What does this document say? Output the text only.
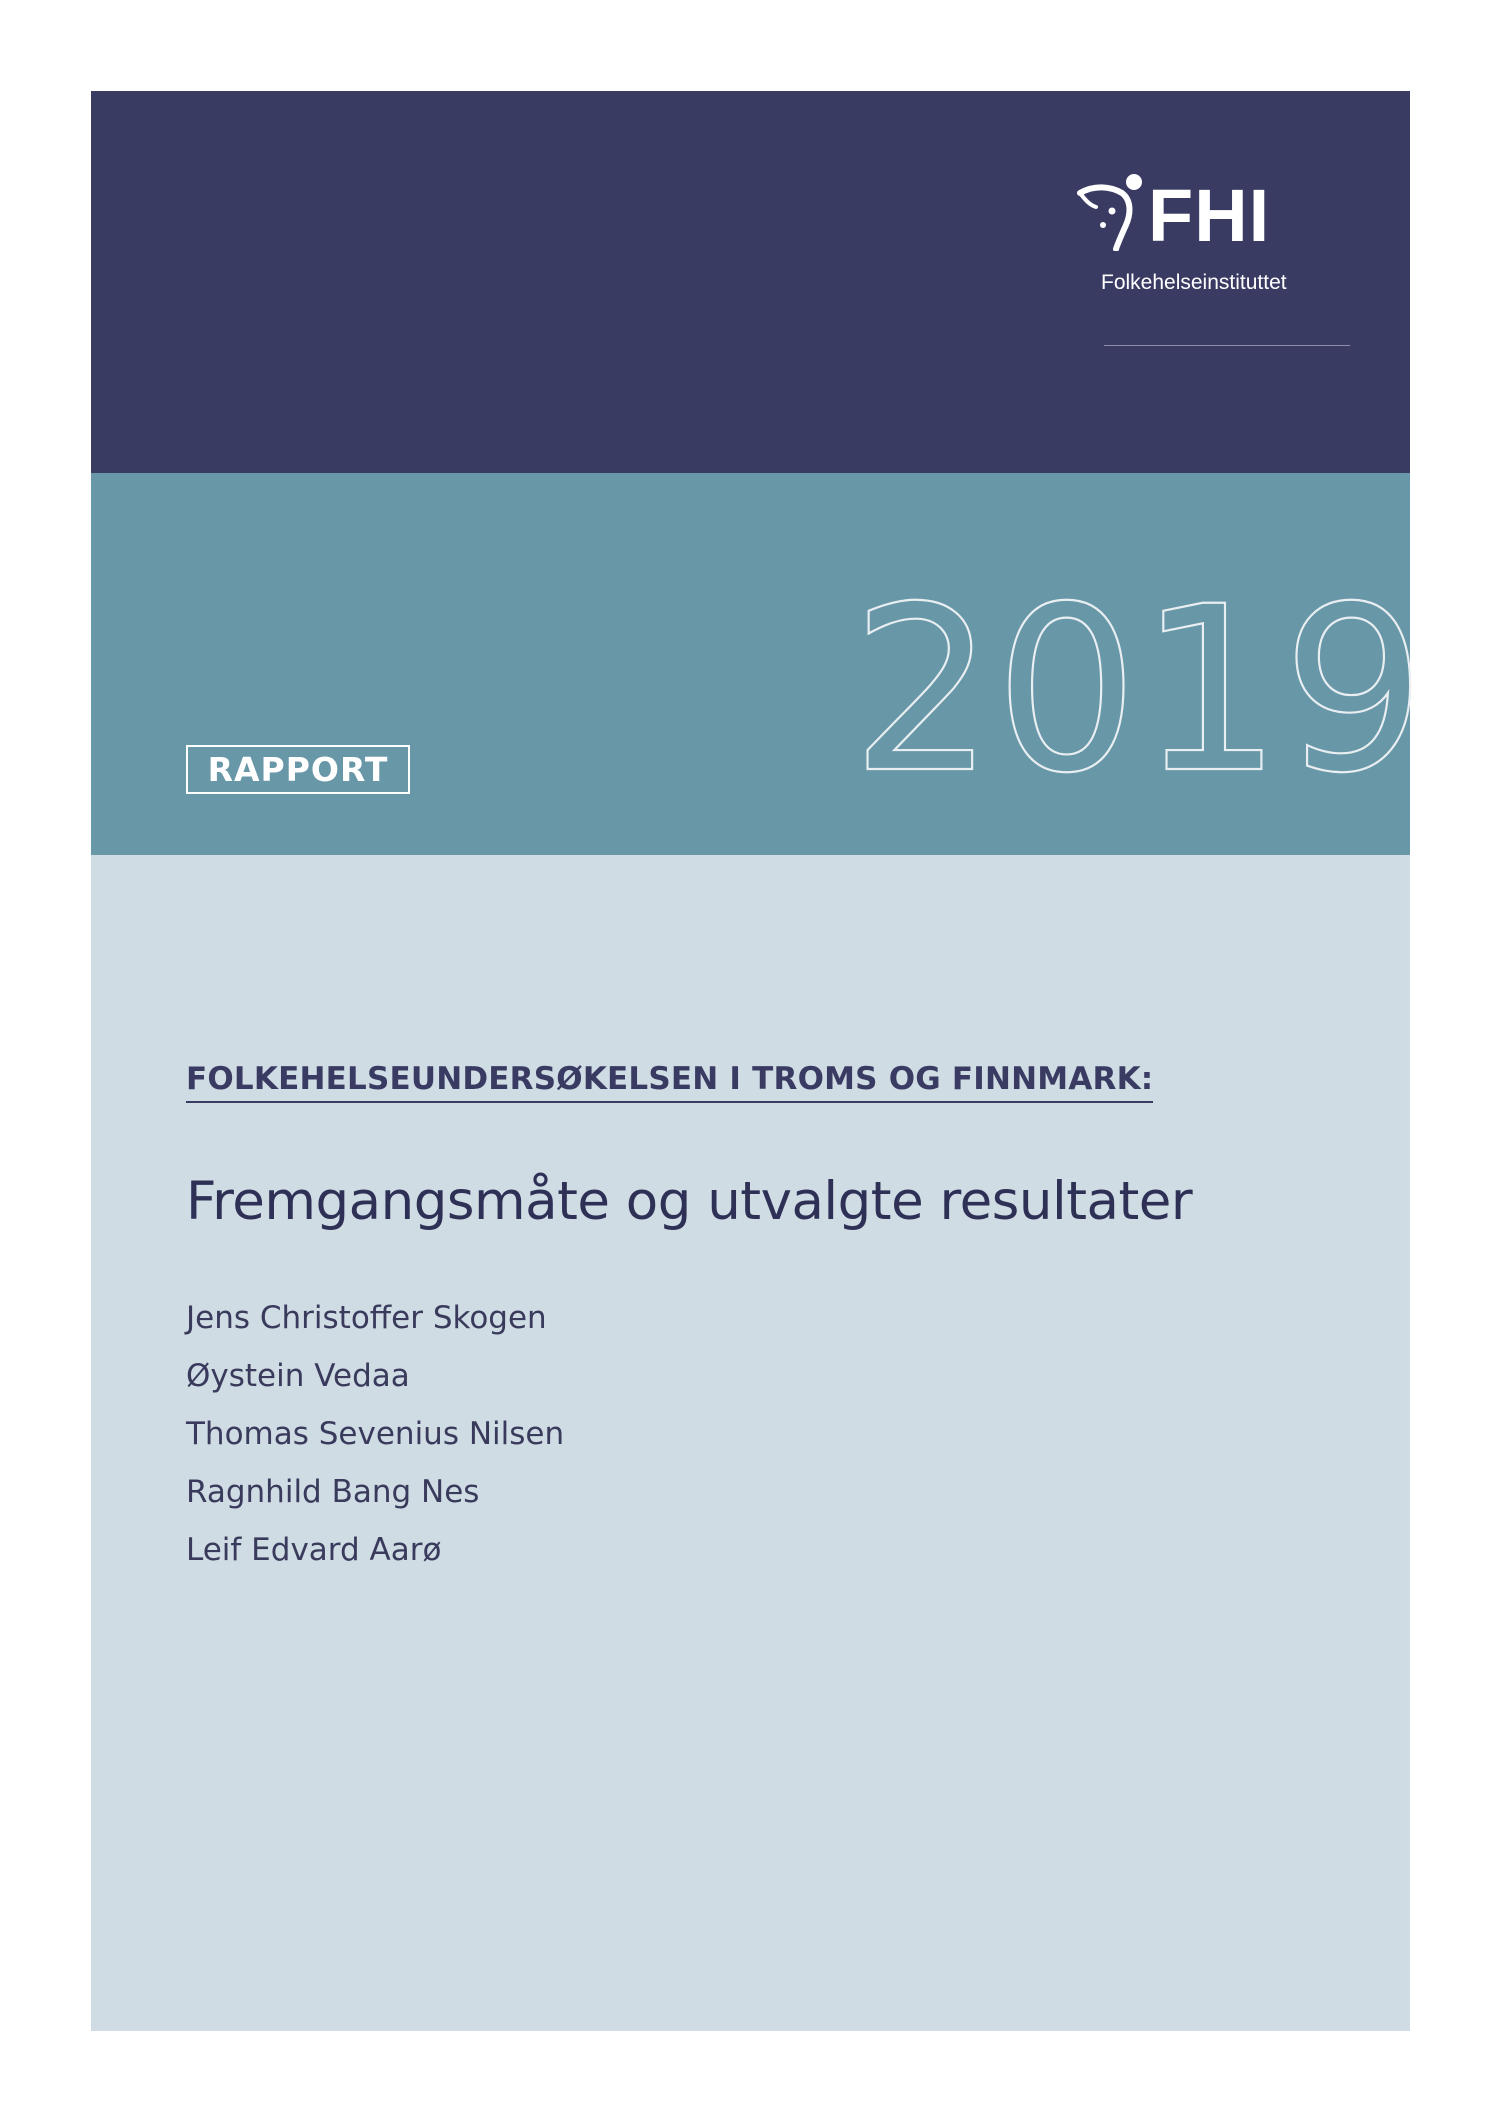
FHI
Folkehelseinstituttet
2019
RAPPORT
FOLKEHELSEUNDERSØKELSEN I TROMS OG FINNMARK:
Fremgangsmåte og utvalgte resultater
Jens Christoffer Skogen
Øystein Vedaa
Thomas Sevenius Nilsen
Ragnhild Bang Nes
Leif Edvard Aarø
